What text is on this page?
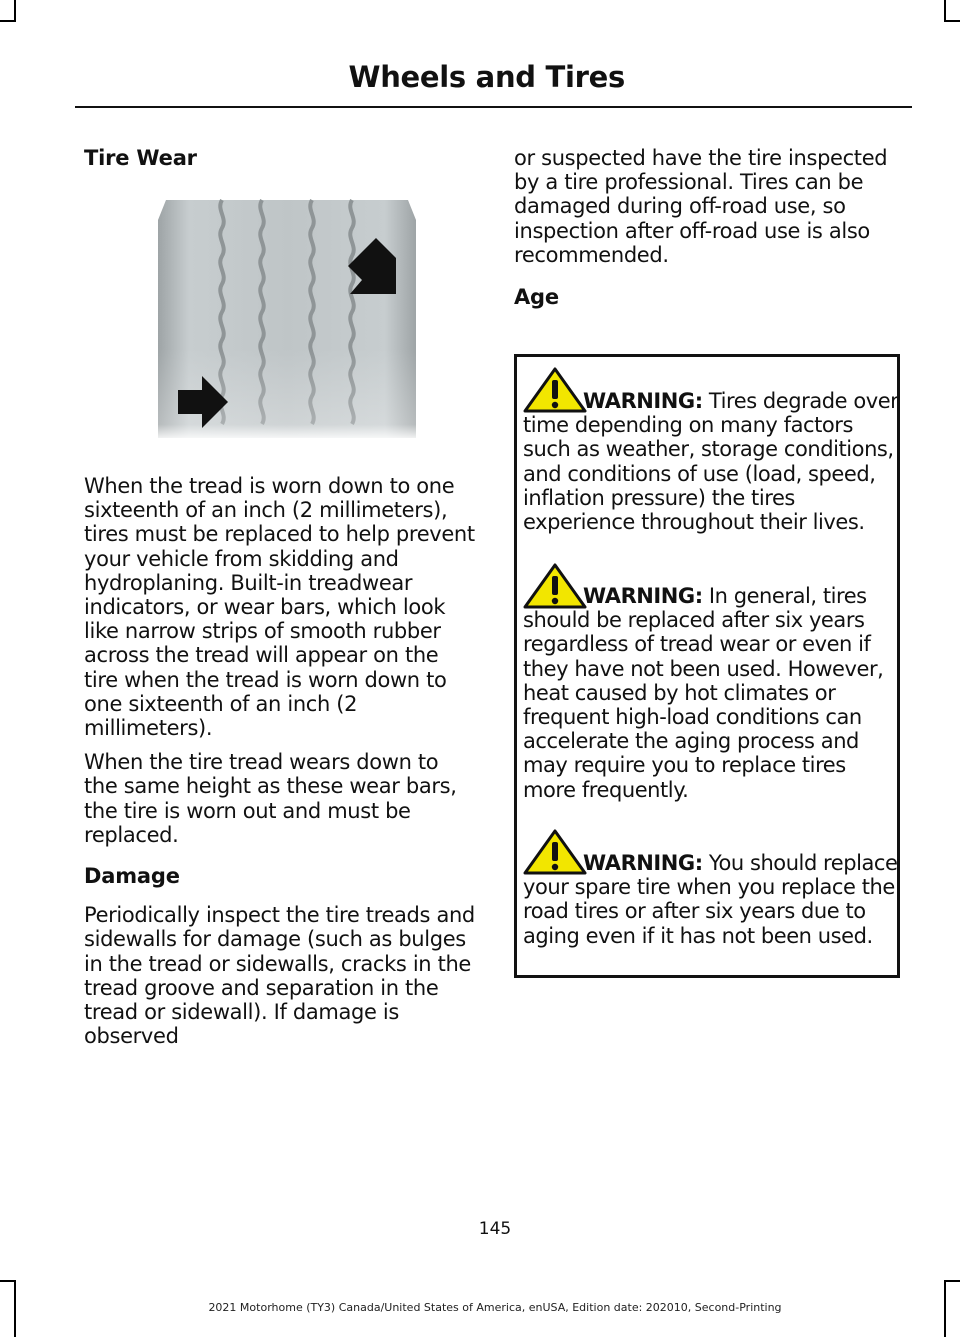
Wheels and Tires
Tire Wear

When the tread is worn down to one sixteenth of an inch (2 millimeters), tires must be replaced to help prevent your vehicle from skidding and hydroplaning. Built-in treadwear indicators, or wear bars, which look like narrow strips of smooth rubber across the tread will appear on the tire when the tread is worn down to one sixteenth of an inch (2 millimeters).

When the tire tread wears down to the same height as these wear bars, the tire is worn out and must be replaced.

Damage

Periodically inspect the tire treads and sidewalls for damage (such as bulges in the tread or sidewalls, cracks in the tread groove and separation in the tread or sidewall). If damage is observed

or suspected have the tire inspected by a tire professional. Tires can be damaged during off-road use, so inspection after off-road use is also recommended.

Age
WARNING: Tires degrade over time depending on many factors such as weather, storage conditions, and conditions of use (load, speed, inflation pressure) the tires experience throughout their lives.
WARNING: In general, tires should be replaced after six years regardless of tread wear or even if they have not been used. However, heat caused by hot climates or frequent high-load conditions can accelerate the aging process and may require you to replace tires more frequently.
WARNING: You should replace your spare tire when you replace the road tires or after six years due to aging even if it has not been used.
145
2021 Motorhome (TY3) Canada/United States of America, enUSA, Edition date: 202010, Second-Printing
